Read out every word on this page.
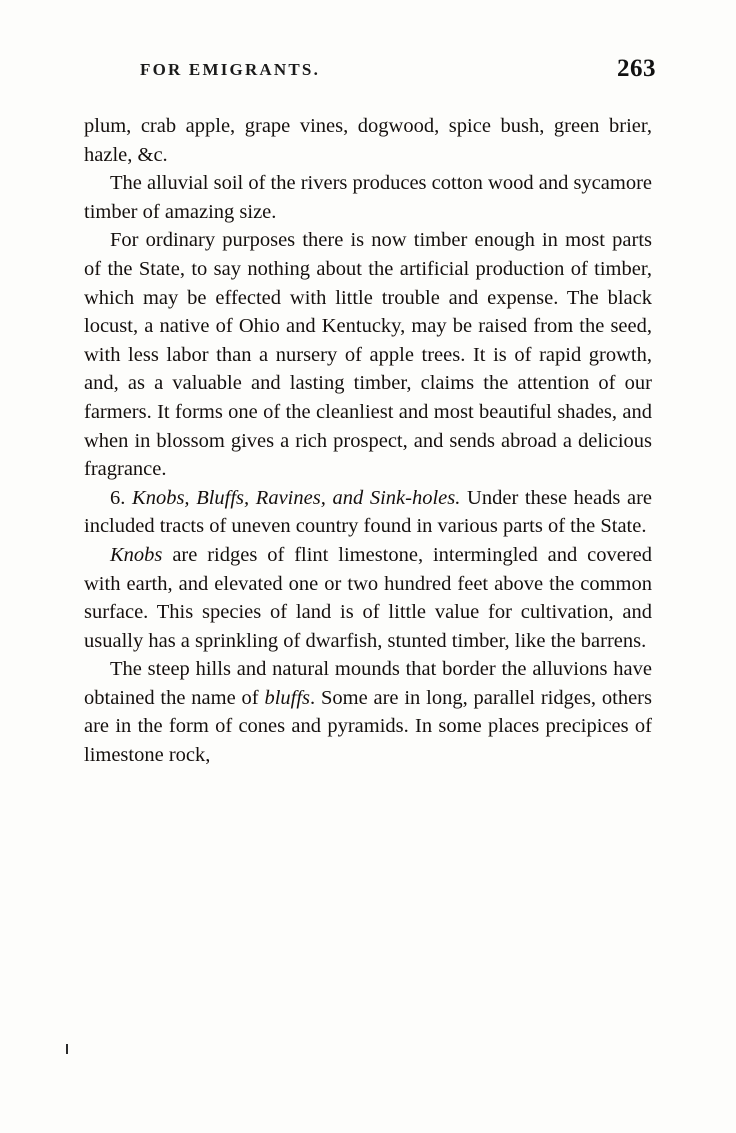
FOR EMIGRANTS.	263

plum, crab apple, grape vines, dogwood, spice bush, green brier, hazle, &c.

The alluvial soil of the rivers produces cotton wood and sycamore timber of amazing size.

For ordinary purposes there is now timber enough in most parts of the State, to say nothing about the artificial production of timber, which may be effected with little trouble and expense. The black locust, a native of Ohio and Kentucky, may be raised from the seed, with less labor than a nursery of apple trees. It is of rapid growth, and, as a valuable and lasting timber, claims the attention of our farmers. It forms one of the cleanliest and most beautiful shades, and when in blossom gives a rich prospect, and sends abroad a delicious fragrance.

6. Knobs, Bluffs, Ravines, and Sink-holes. Under these heads are included tracts of uneven country found in various parts of the State.

Knobs are ridges of flint limestone, intermingled and covered with earth, and elevated one or two hundred feet above the common surface. This species of land is of little value for cultivation, and usually has a sprinkling of dwarfish, stunted timber, like the barrens.

The steep hills and natural mounds that border the alluvions have obtained the name of bluffs. Some are in long, parallel ridges, others are in the form of cones and pyramids. In some places precipices of limestone rock,
